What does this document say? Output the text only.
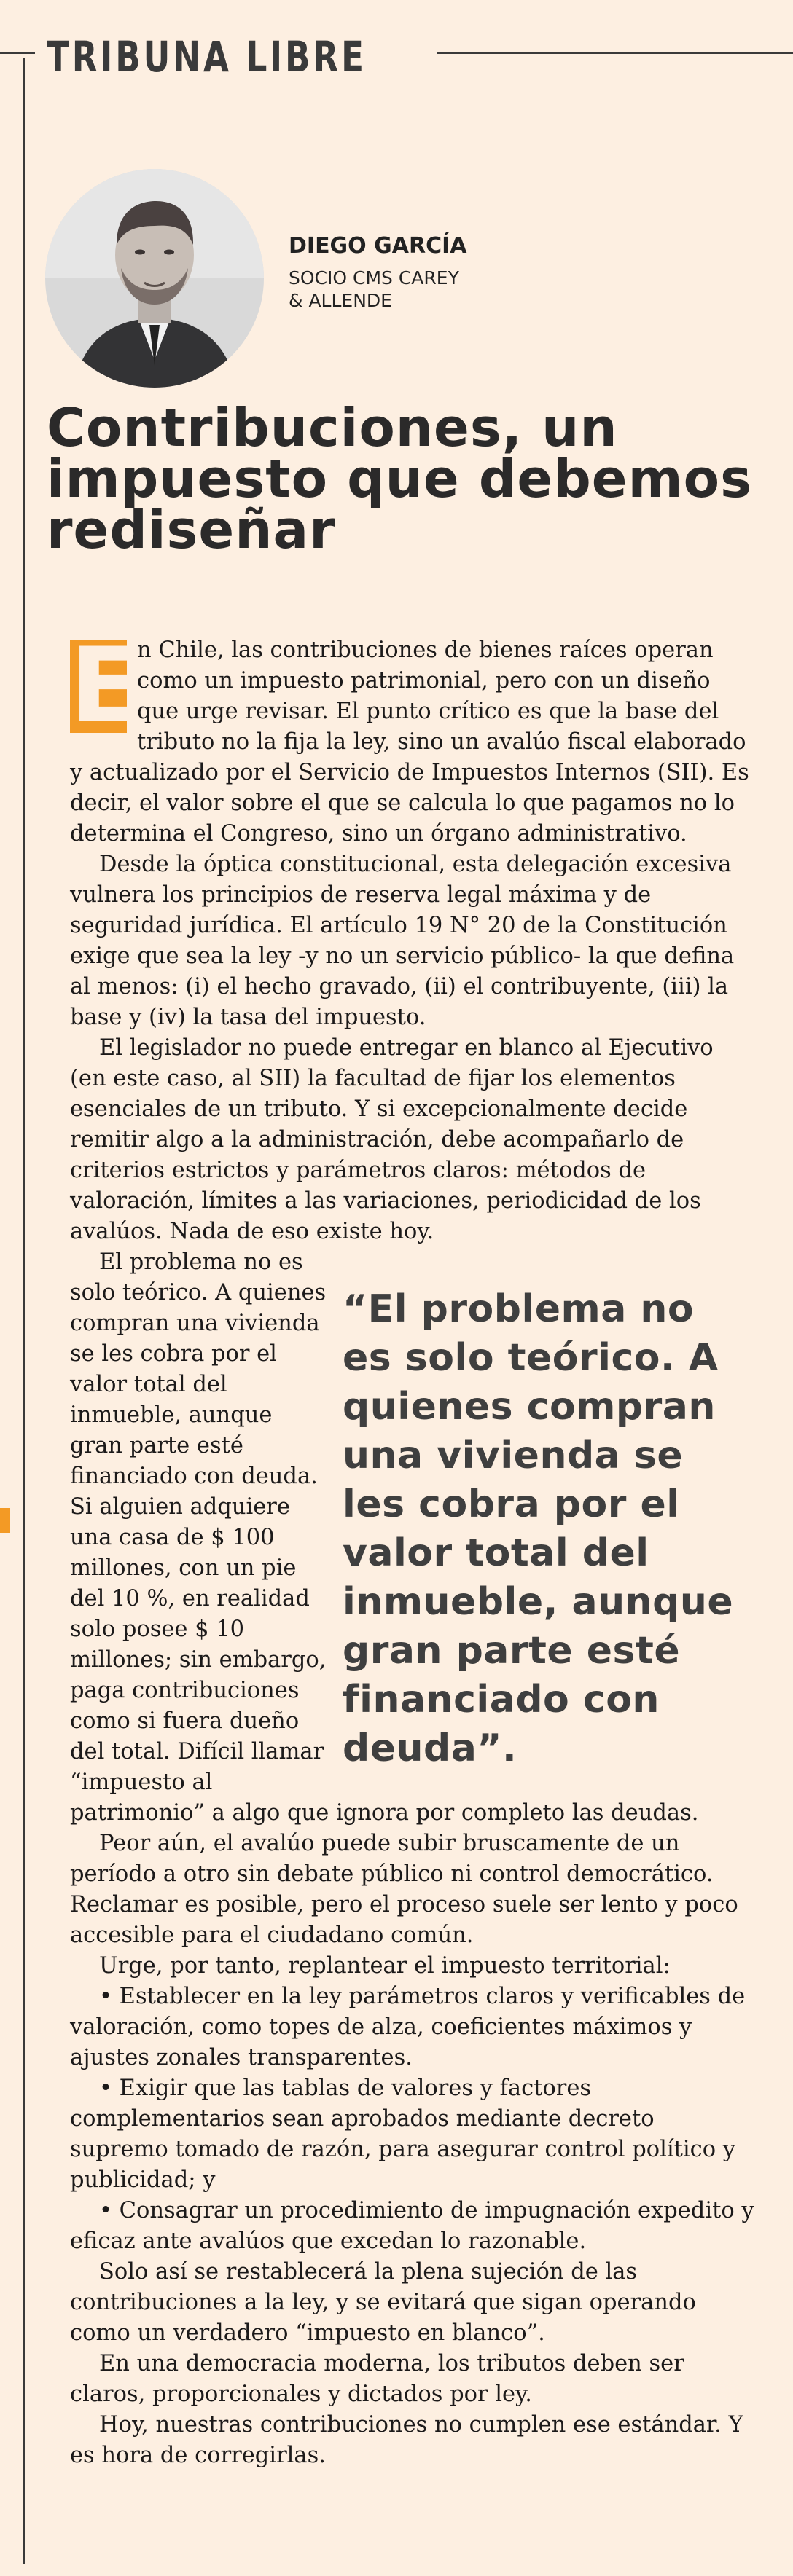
TRIBUNA LIBRE
DIEGO GARCÍA
SOCIO CMS CAREY & ALLENDE
Contribuciones, un impuesto que debemos rediseñar

E
n Chile, las contribuciones de bienes raíces operan como un impuesto patrimonial, pero con un diseño que urge revisar. El punto crítico es que la base del tributo no la fija la ley, sino un avalúo fiscal elaborado y actualizado por el Servicio de Impuestos Internos (SII). Es decir, el valor sobre el que se calcula lo que pagamos no lo determina el Congreso, sino un órgano administrativo.

Desde la óptica constitucional, esta delegación excesiva vulnera los principios de reserva legal máxima y de seguridad jurídica. El artículo 19 N° 20 de la Constitución exige que sea la ley -y no un servicio público- la que defina al menos: (i) el hecho gravado, (ii) el contribuyente, (iii) la base y (iv) la tasa del impuesto.

El legislador no puede entregar en blanco al Ejecutivo (en este caso, al SII) la facultad de fijar los elementos esenciales de un tributo. Y si excepcionalmente decide remitir algo a la administración, debe acompañarlo de criterios estrictos y parámetros claros: métodos de valoración, límites a las variaciones, periodicidad de los avalúos. Nada de eso existe hoy.

“El problema no es solo teórico. A quienes compran una vivienda se les cobra por el valor total del inmueble, aunque gran parte esté financiado con deuda”.

El problema no es solo teórico. A quienes compran una vivienda se les cobra por el valor total del inmueble, aunque gran parte esté financiado con deuda. Si alguien adquiere una casa de $ 100 millones, con un pie del 10 %, en realidad solo posee $ 10 millones; sin embargo, paga contribuciones como si fuera dueño del total. Difícil llamar “impuesto al patrimonio” a algo que ignora por completo las deudas.

Peor aún, el avalúo puede subir bruscamente de un período a otro sin debate público ni control democrático. Reclamar es posible, pero el proceso suele ser lento y poco accesible para el ciudadano común.

Urge, por tanto, replantear el impuesto territorial:

• Establecer en la ley parámetros claros y verificables de valoración, como topes de alza, coeficientes máximos y ajustes zonales transparentes.

• Exigir que las tablas de valores y factores complementarios sean aprobados mediante decreto supremo tomado de razón, para asegurar control político y publicidad; y

• Consagrar un procedimiento de impugnación expedito y eficaz ante avalúos que excedan lo razonable.

Solo así se restablecerá la plena sujeción de las contribuciones a la ley, y se evitará que sigan operando como un verdadero “impuesto en blanco”.

En una democracia moderna, los tributos deben ser claros, proporcionales y dictados por ley.

Hoy, nuestras contribuciones no cumplen ese estándar. Y es hora de corregirlas.
